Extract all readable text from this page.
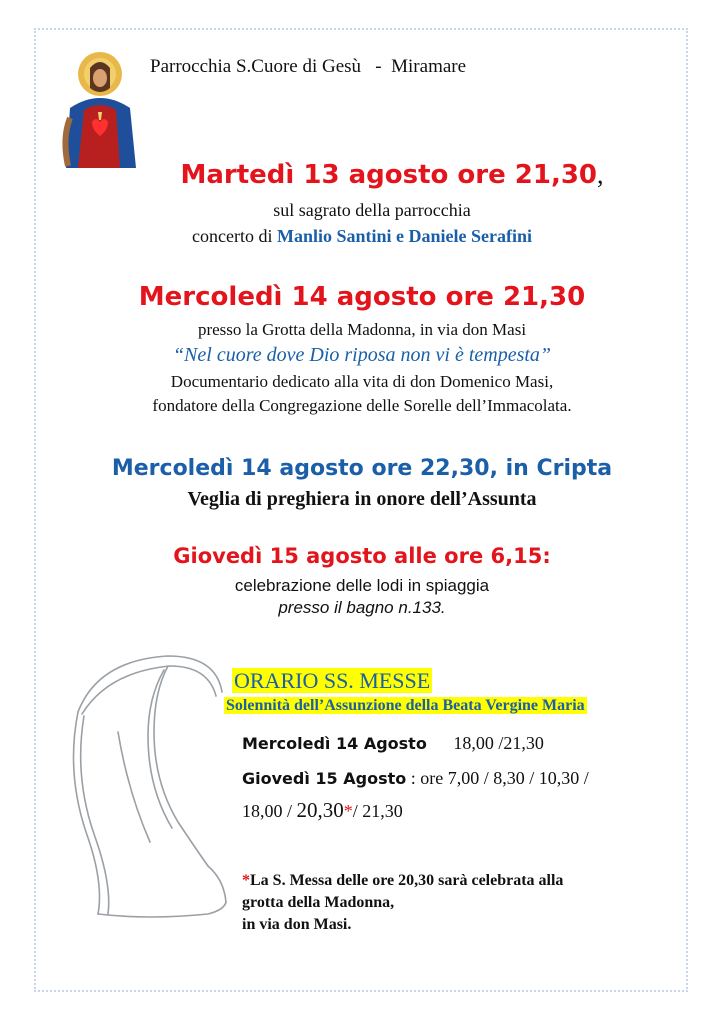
Parrocchia S.Cuore di Gesù   -  Miramare
Martedì 13 agosto ore 21,30,
sul sagrato della parrocchia
concerto di Manlio Santini e Daniele Serafini
Mercoledì 14 agosto ore 21,30
presso la Grotta della Madonna, in via don Masi
“Nel cuore dove Dio riposa non vi è tempesta”
Documentario dedicato alla vita di don Domenico Masi,
fondatore della Congregazione delle Sorelle dell’Immacolata.
Mercoledì 14 agosto ore 22,30, in Cripta
Veglia di preghiera in onore dell’Assunta
Giovedì 15 agosto alle ore 6,15:
celebrazione delle lodi in spiaggia
presso il bagno n.133.
ORARIO SS. MESSE
Solennità dell’Assunzione della Beata Vergine Maria
Mercoledì 14 Agosto 18,00 /21,30
Giovedì 15 Agosto : ore 7,00 / 8,30 / 10,30 /
18,00 / 20,30*/ 21,30
*La S. Messa delle ore 20,30 sarà celebrata alla
grotta della Madonna,
in via don Masi.
